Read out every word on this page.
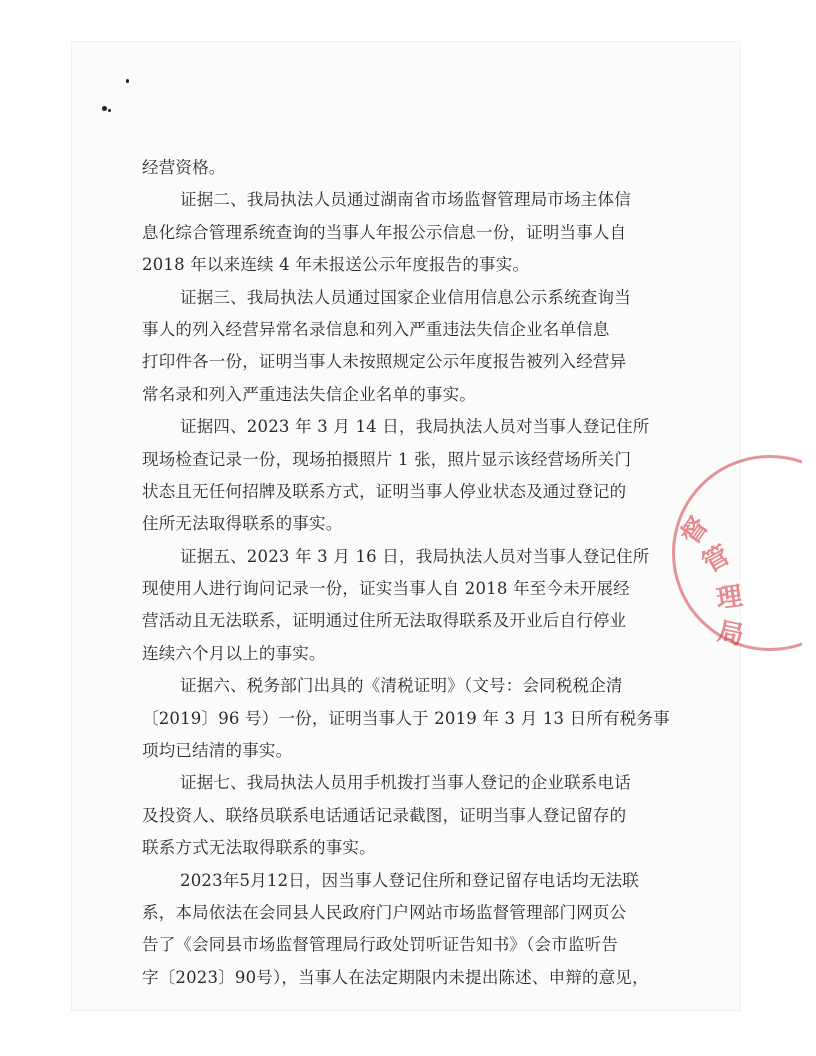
经营资格。
证据二、我局执法人员通过湖南省市场监督管理局市场主体信
息化综合管理系统查询的当事人年报公示信息一份，证明当事人自
2018 年以来连续 4 年未报送公示年度报告的事实。
证据三、我局执法人员通过国家企业信用信息公示系统查询当
事人的列入经营异常名录信息和列入严重违法失信企业名单信息
打印件各一份，证明当事人未按照规定公示年度报告被列入经营异
常名录和列入严重违法失信企业名单的事实。
证据四、2023 年 3 月 14 日，我局执法人员对当事人登记住所
现场检查记录一份，现场拍摄照片 1 张，照片显示该经营场所关门
状态且无任何招牌及联系方式，证明当事人停业状态及通过登记的
住所无法取得联系的事实。
证据五、2023 年 3 月 16 日，我局执法人员对当事人登记住所
现使用人进行询问记录一份，证实当事人自 2018 年至今未开展经
营活动且无法联系，证明通过住所无法取得联系及开业后自行停业
连续六个月以上的事实。
证据六、税务部门出具的《清税证明》（文号：会同税税企清
〔2019〕96 号）一份，证明当事人于 2019 年 3 月 13 日所有税务事
项均已结清的事实。
证据七、我局执法人员用手机拨打当事人登记的企业联系电话
及投资人、联络员联系电话通话记录截图，证明当事人登记留存的
联系方式无法取得联系的事实。
2023年5月12日，因当事人登记住所和登记留存电话均无法联
系，本局依法在会同县人民政府门户网站市场监督管理部门网页公
告了《会同县市场监督管理局行政处罚听证告知书》（会市监听告
字〔2023〕90号），当事人在法定期限内未提出陈述、申辩的意见，
督
管
理
局
